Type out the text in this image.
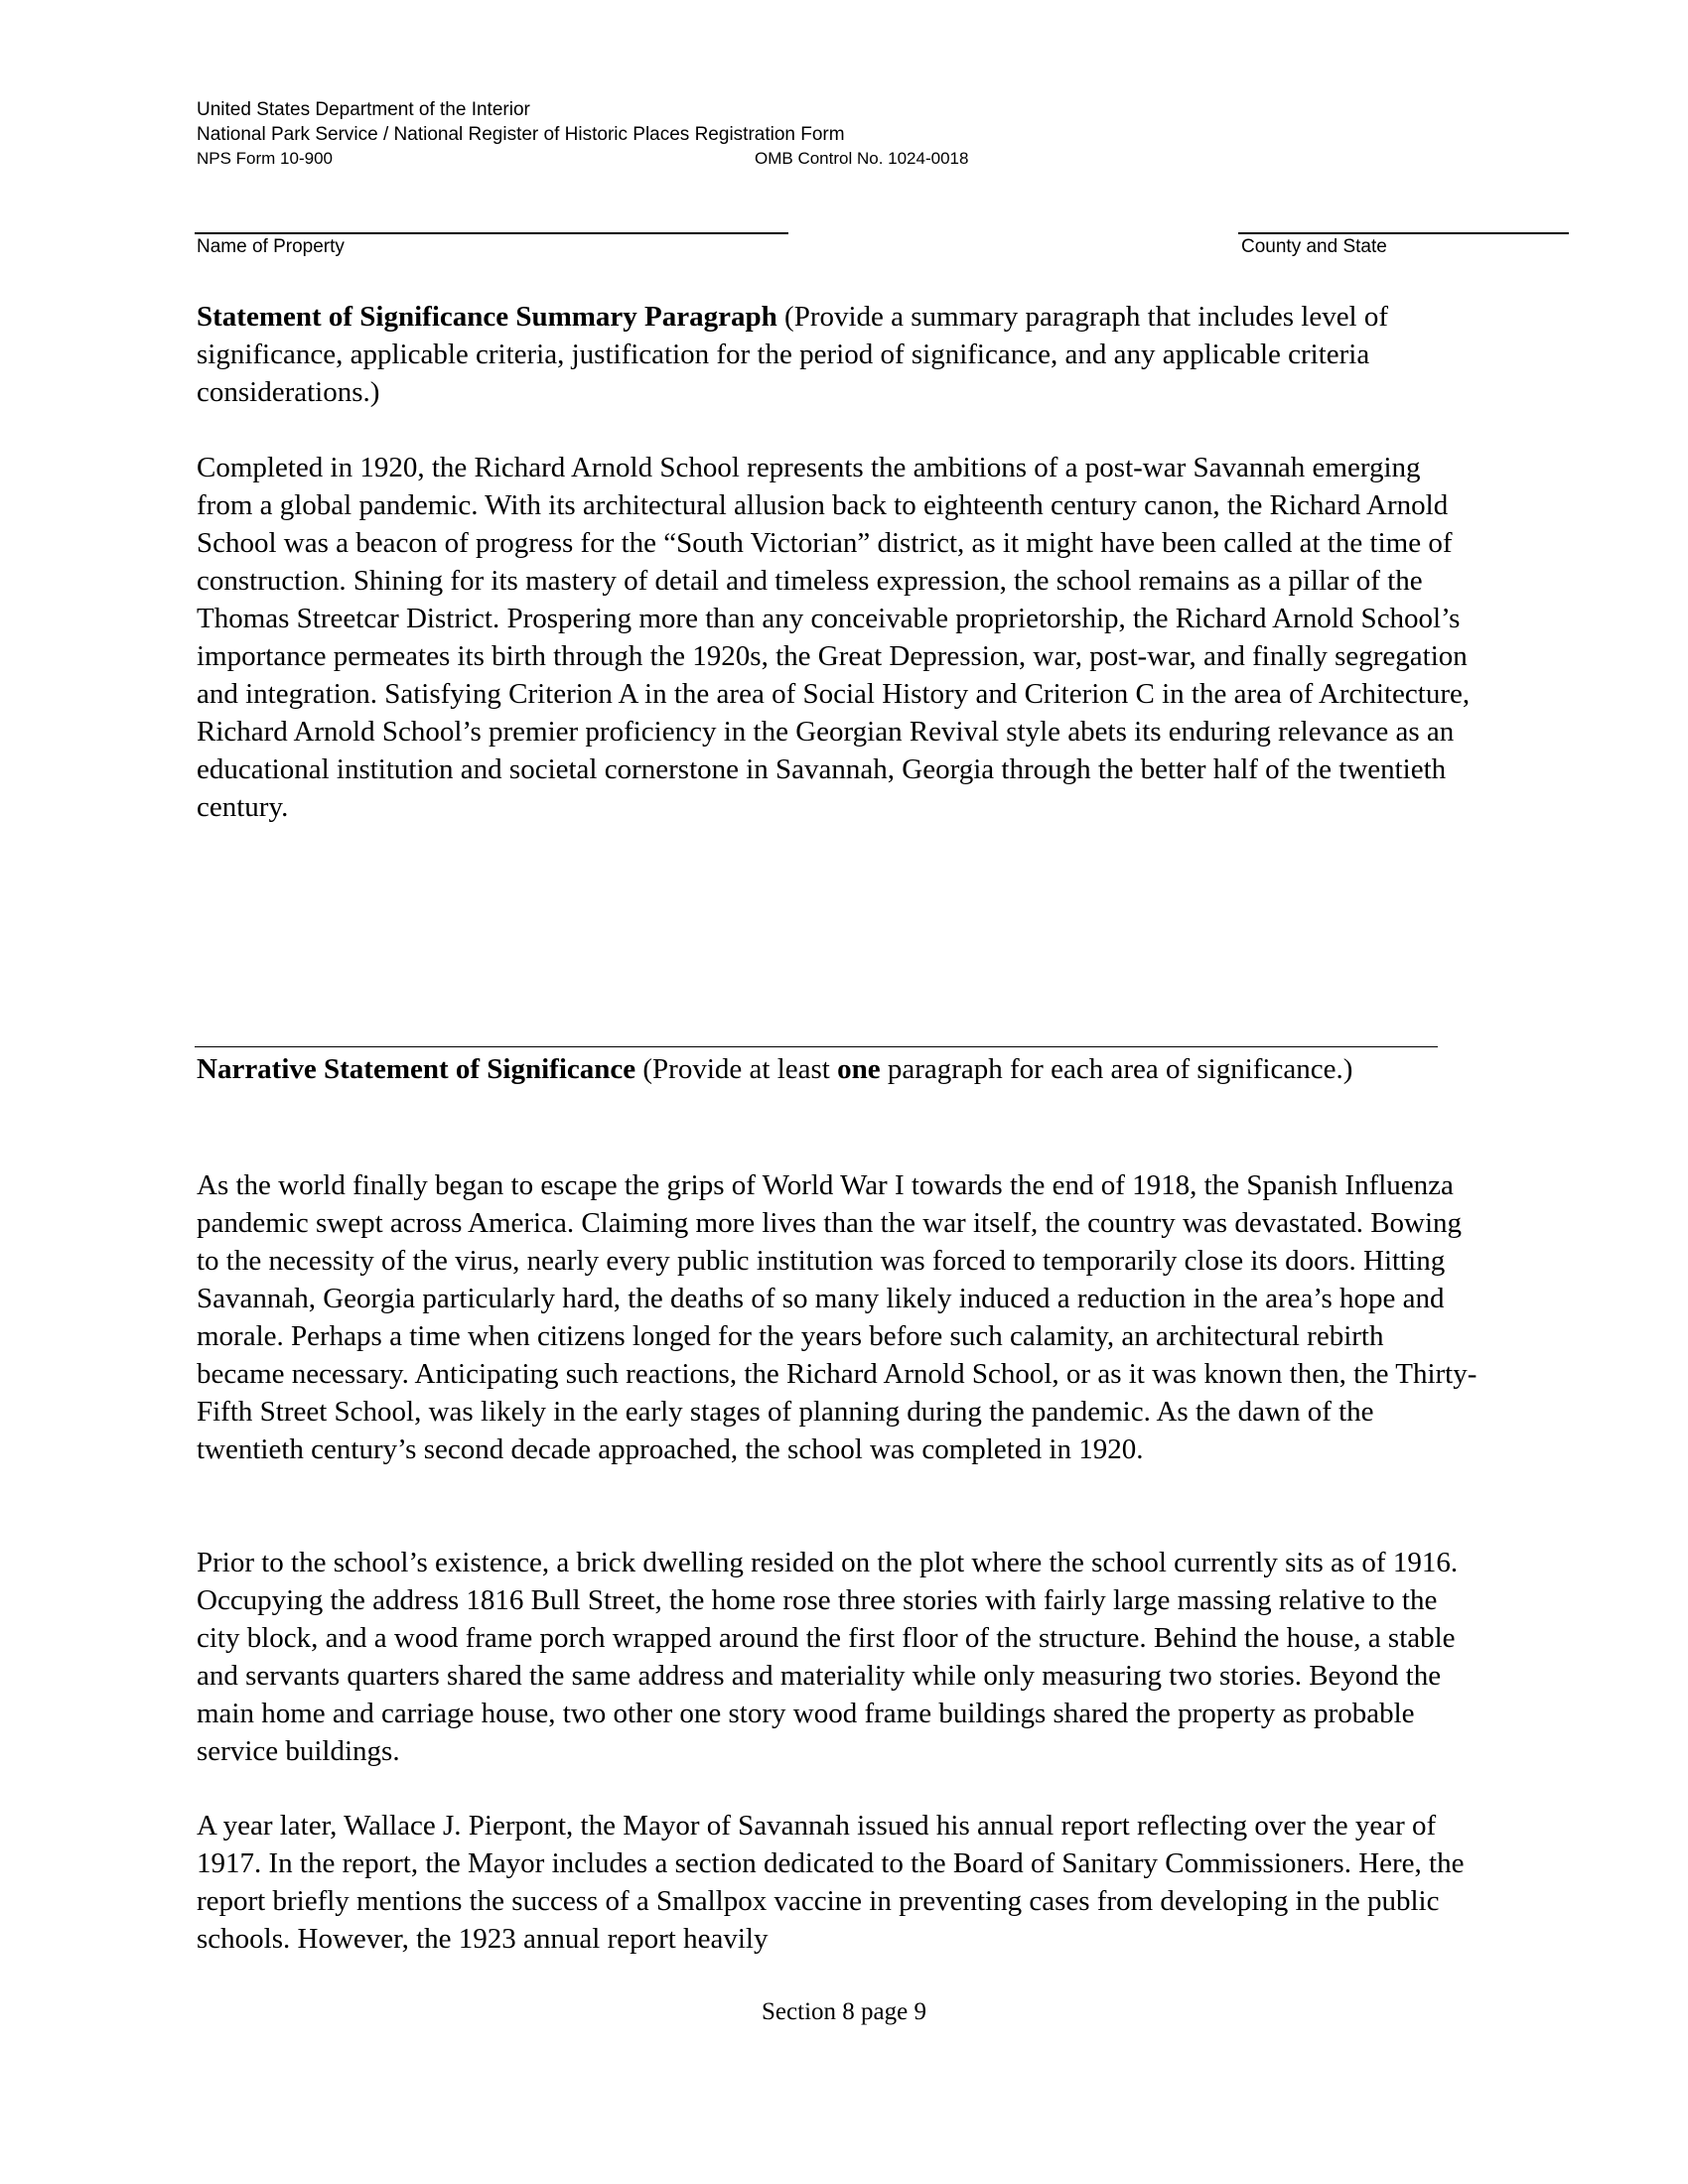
United States Department of the Interior
National Park Service / National Register of Historic Places Registration Form
NPS Form 10-900	OMB Control No. 1024-0018
Name of Property	County and State

Statement of Significance Summary Paragraph (Provide a summary paragraph that includes level of significance, applicable criteria, justification for the period of significance, and any applicable criteria considerations.)

Completed in 1920, the Richard Arnold School represents the ambitions of a post-war Savannah emerging from a global pandemic. With its architectural allusion back to eighteenth century canon, the Richard Arnold School was a beacon of progress for the “South Victorian” district, as it might have been called at the time of construction. Shining for its mastery of detail and timeless expression, the school remains as a pillar of the Thomas Streetcar District. Prospering more than any conceivable proprietorship, the Richard Arnold School’s importance permeates its birth through the 1920s, the Great Depression, war, post-war, and finally segregation and integration. Satisfying Criterion A in the area of Social History and Criterion C in the area of Architecture, Richard Arnold School’s premier proficiency in the Georgian Revival style abets its enduring relevance as an educational institution and societal cornerstone in Savannah, Georgia through the better half of the twentieth century.

Narrative Statement of Significance (Provide at least one paragraph for each area of significance.)

As the world finally began to escape the grips of World War I towards the end of 1918, the Spanish Influenza pandemic swept across America. Claiming more lives than the war itself, the country was devastated. Bowing to the necessity of the virus, nearly every public institution was forced to temporarily close its doors. Hitting Savannah, Georgia particularly hard, the deaths of so many likely induced a reduction in the area’s hope and morale. Perhaps a time when citizens longed for the years before such calamity, an architectural rebirth became necessary. Anticipating such reactions, the Richard Arnold School, or as it was known then, the Thirty-Fifth Street School, was likely in the early stages of planning during the pandemic. As the dawn of the twentieth century’s second decade approached, the school was completed in 1920.

Prior to the school’s existence, a brick dwelling resided on the plot where the school currently sits as of 1916. Occupying the address 1816 Bull Street, the home rose three stories with fairly large massing relative to the city block, and a wood frame porch wrapped around the first floor of the structure. Behind the house, a stable and servants quarters shared the same address and materiality while only measuring two stories. Beyond the main home and carriage house, two other one story wood frame buildings shared the property as probable service buildings.

A year later, Wallace J. Pierpont, the Mayor of Savannah issued his annual report reflecting over the year of 1917. In the report, the Mayor includes a section dedicated to the Board of Sanitary Commissioners. Here, the report briefly mentions the success of a Smallpox vaccine in preventing cases from developing in the public schools. However, the 1923 annual report heavily

Section 8 page 9
